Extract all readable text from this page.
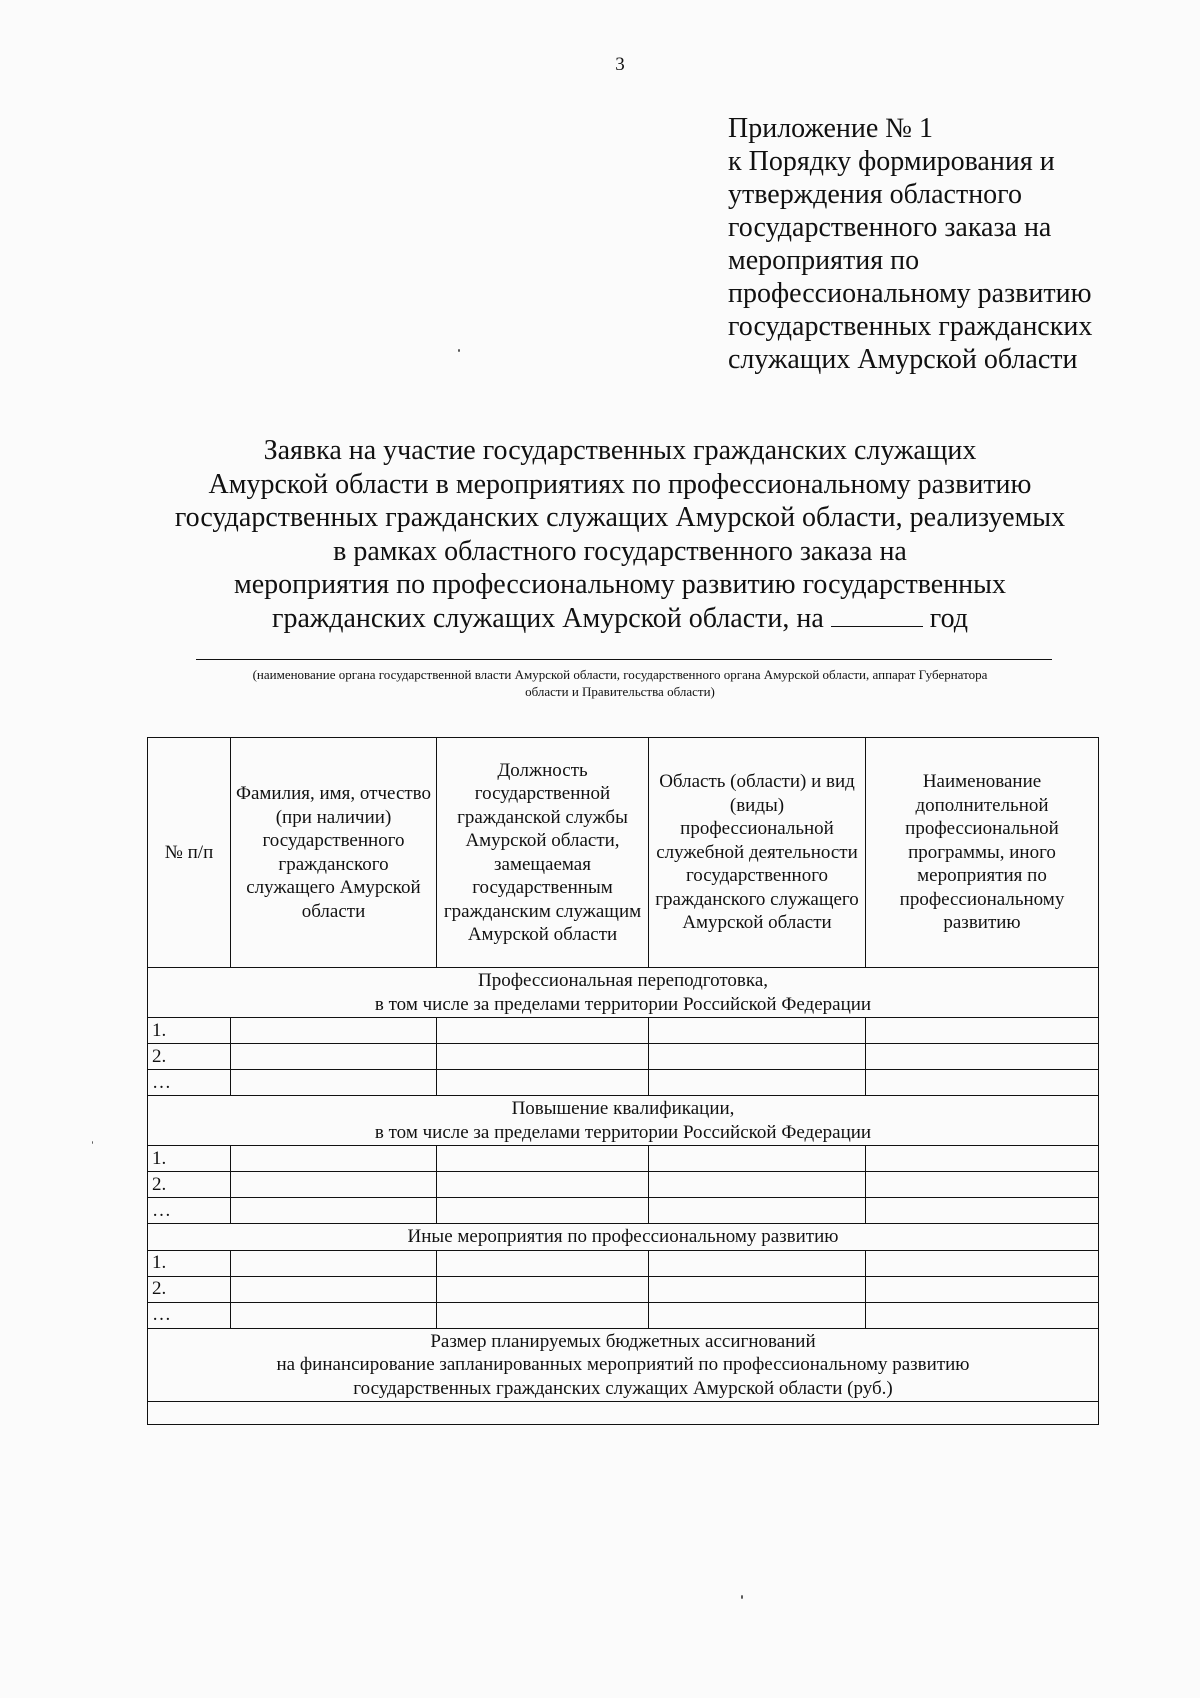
3
Приложение № 1
к Порядку формирования и
утверждения областного
государственного заказа на
мероприятия по
профессиональному развитию
государственных гражданских
служащих Амурской области
Заявка на участие государственных гражданских служащих
Амурской области в мероприятиях по профессиональному развитию
государственных гражданских служащих Амурской области, реализуемых
в рамках областного государственного заказа на
мероприятия по профессиональному развитию государственных
гражданских служащих Амурской области, на	год
(наименование органа государственной власти Амурской области, государственного органа Амурской области, аппарат Губернатора
области и Правительства области)
№ п/п	Фамилия, имя, отчество (при наличии) государственного гражданского служащего Амурской области	Должность государственной гражданской службы Амурской области, замещаемая государственным гражданским служащим Амурской области	Область (области) и вид (виды) профессиональной служебной деятельности государственного гражданского служащего Амурской области	Наименование дополнительной профессиональной программы, иного мероприятия по профессиональному развитию

Профессиональная переподготовка,
в том числе за пределами территории Российской Федерации				

1.				
2.				
…				

Повышение квалификации,
в том числе за пределами территории Российской Федерации				

1.				
2.				
…				

Иные мероприятия по профессиональному развитию				

1.				
2.				
…				

Размер планируемых бюджетных ассигнований
на финансирование запланированных мероприятий по профессиональному развитию
государственных гражданских служащих Амурской области (руб.)				
